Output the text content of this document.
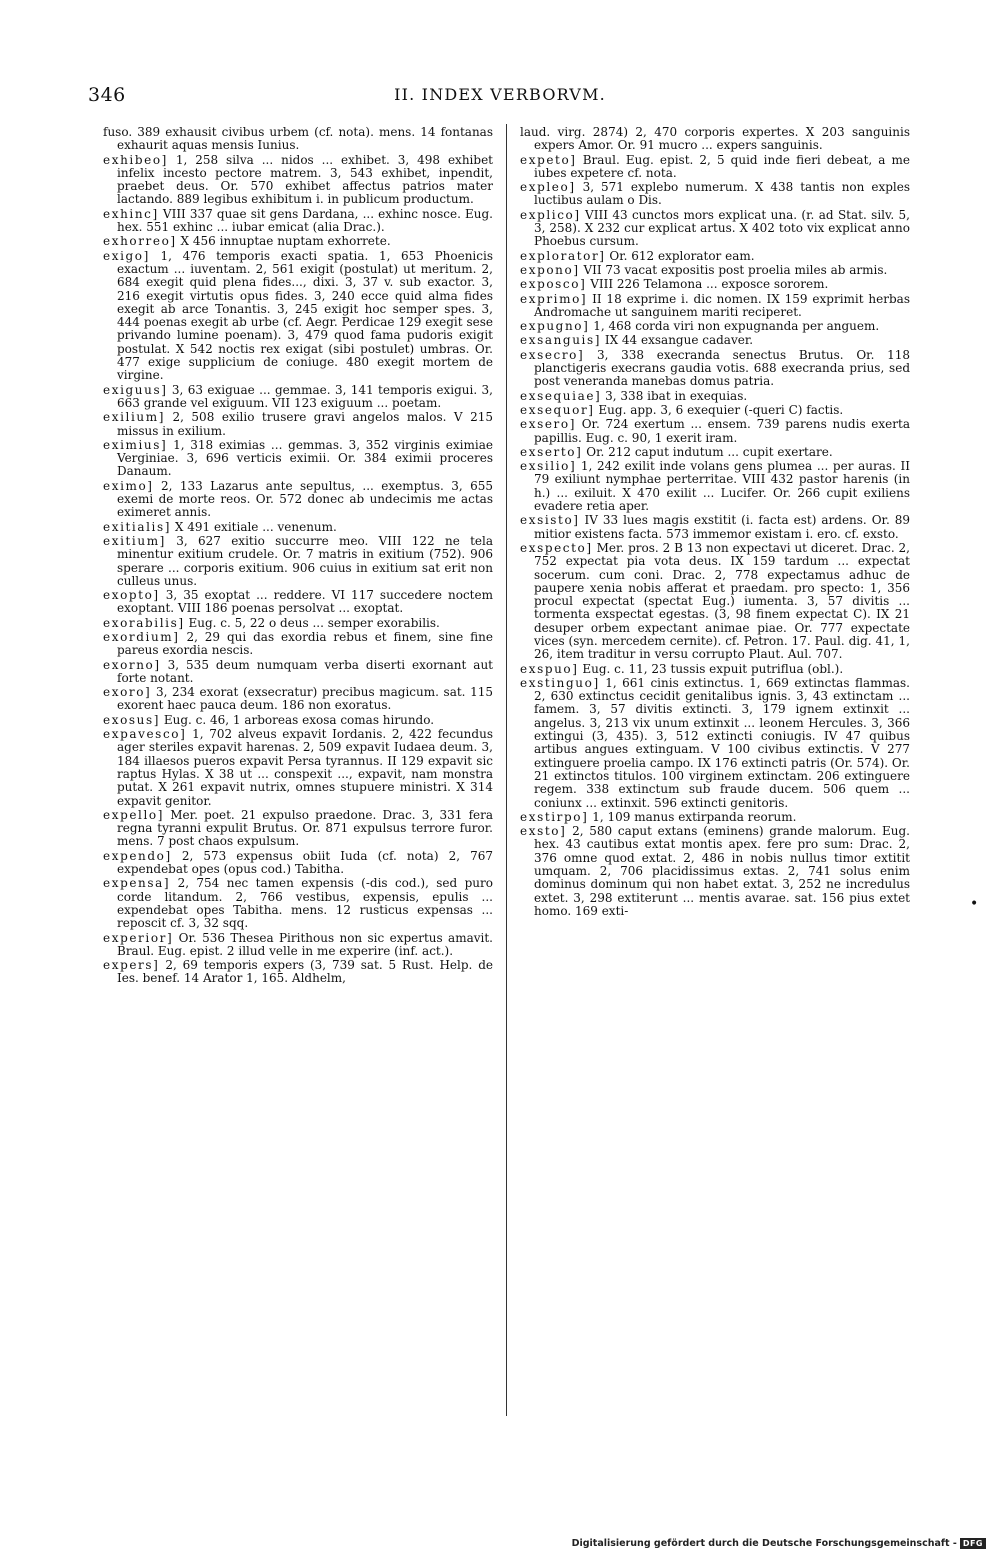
346	II. INDEX VERBORVM.
fuso. 389 exhausit civibus urbem (cf. nota). mens. 14 fontanas exhaurit aquas mensis Iunius.
exhibeo] 1, 258 silva ... nidos ... exhibet. 3, 498 exhibet infelix incesto pectore matrem. 3, 543 exhibet, inpendit, praebet deus. Or. 570 exhibet affectus patrios mater lactando. 889 legibus exhibitum i. in publicum productum.
exhinc] VIII 337 quae sit gens Dardana, ... exhinc nosce. Eug. hex. 551 exhinc ... iubar emicat (alia Drac.).
exhorreo] X 456 innuptae nuptam exhorrete.
exigo] 1, 476 temporis exacti spatia. 1, 653 Phoenicis exactum ... iuventam. 2, 561 exigit (postulat) ut meritum. 2, 684 exegit quid plena fides..., dixi. 3, 37 v. sub exactor. 3, 216 exegit virtutis opus fides. 3, 240 ecce quid alma fides exegit ab arce Tonantis. 3, 245 exigit hoc semper spes. 3, 444 poenas exegit ab urbe (cf. Aegr. Perdicae 129 exegit sese privando lumine poenam). 3, 479 quod fama pudoris exigit postulat. X 542 noctis rex exigat (sibi postulet) umbras. Or. 477 exige supplicium de coniuge. 480 exegit mortem de virgine.
exiguus] 3, 63 exiguae ... gemmae. 3, 141 temporis exigui. 3, 663 grande vel exiguum. VII 123 exiguum ... poetam.
exilium] 2, 508 exilio trusere gravi angelos malos. V 215 missus in exilium.
eximius] 1, 318 eximias ... gemmas. 3, 352 virginis eximiae Verginiae. 3, 696 verticis eximii. Or. 384 eximii proceres Danaum.
eximo] 2, 133 Lazarus ante sepultus, ... exemptus. 3, 655 exemi de morte reos. Or. 572 donec ab undecimis me actas eximeret annis.
exitialis] X 491 exitiale ... venenum.
exitium] 3, 627 exitio succurre meo. VIII 122 ne tela minentur exitium crudele. Or. 7 matris in exitium (752). 906 sperare ... corporis exitium. 906 cuius in exitium sat erit non culleus unus.
exopto] 3, 35 exoptat ... reddere. VI 117 succedere noctem exoptant. VIII 186 poenas persolvat ... exoptat.
exorabilis] Eug. c. 5, 22 o deus ... semper exorabilis.
exordium] 2, 29 qui das exordia rebus et finem, sine fine pareus exordia nescis.
exorno] 3, 535 deum numquam verba diserti exornant aut forte notant.
exoro] 3, 234 exorat (exsecratur) precibus magicum. sat. 115 exorent haec pauca deum. 186 non exoratus.
exosus] Eug. c. 46, 1 arboreas exosa comas hirundo.
expavesco] 1, 702 alveus expavit Iordanis. 2, 422 fecundus ager steriles expavit harenas. 2, 509 expavit Iudaea deum. 3, 184 illaesos pueros expavit Persa tyrannus. II 129 expavit sic raptus Hylas. X 38 ut ... conspexit ..., expavit, nam monstra putat. X 261 expavit nutrix, omnes stupuere ministri. X 314 expavit genitor.
expello] Mer. poet. 21 expulso praedone. Drac. 3, 331 fera regna tyranni expulit Brutus. Or. 871 expulsus terrore furor. mens. 7 post chaos expulsum.
expendo] 2, 573 expensus obiit Iuda (cf. nota) 2, 767 expendebat opes (opus cod.) Tabitha.
expensa] 2, 754 nec tamen expensis (-dis cod.), sed puro corde litandum. 2, 766 vestibus, expensis, epulis ... expendebat opes Tabitha. mens. 12 rusticus expensas ... reposcit cf. 3, 32 sqq.
experior] Or. 536 Thesea Pirithous non sic expertus amavit. Braul. Eug. epist. 2 illud velle in me experire (inf. act.).
expers] 2, 69 temporis expers (3, 739 sat. 5 Rust. Help. de Ies. benef. 14 Arator 1, 165. Aldhelm,
laud. virg. 2874) 2, 470 corporis expertes. X 203 sanguinis expers Amor. Or. 91 mucro ... expers sanguinis.
expeto] Braul. Eug. epist. 2, 5 quid inde fieri debeat, a me iubes expetere cf. nota.
expleo] 3, 571 explebo numerum. X 438 tantis non exples luctibus aulam o Dis.
explico] VIII 43 cunctos mors explicat una. (r. ad Stat. silv. 5, 3, 258). X 232 cur explicat artus. X 402 toto vix explicat anno Phoebus cursum.
explorator] Or. 612 explorator eam.
expono] VII 73 vacat expositis post proelia miles ab armis.
exposco] VIII 226 Telamona ... exposce sororem.
exprimo] II 18 exprime i. dic nomen. IX 159 exprimit herbas Andromache ut sanguinem mariti reciperet.
expugno] 1, 468 corda viri non expugnanda per anguem.
exsanguis] IX 44 exsangue cadaver.
exsecro] 3, 338 execranda senectus Brutus. Or. 118 planctigeris execrans gaudia votis. 688 execranda prius, sed post veneranda manebas domus patria.
exsequiae] 3, 338 ibat in exequias.
exsequor] Eug. app. 3, 6 exequier (-queri C) factis.
exsero] Or. 724 exertum ... ensem. 739 parens nudis exerta papillis. Eug. c. 90, 1 exerit iram.
exserto] Or. 212 caput indutum ... cupit exertare.
exsilio] 1, 242 exilit inde volans gens plumea ... per auras. II 79 exiliunt nymphae perterritae. VIII 432 pastor harenis (in h.) ... exiluit. X 470 exilit ... Lucifer. Or. 266 cupit exiliens evadere retia aper.
exsisto] IV 33 lues magis exstitit (i. facta est) ardens. Or. 89 mitior existens facta. 573 immemor existam i. ero. cf. exsto.
exspecto] Mer. pros. 2 B 13 non expectavi ut diceret. Drac. 2, 752 expectat pia vota deus. IX 159 tardum ... expectat socerum. cum coni. Drac. 2, 778 expectamus adhuc de paupere xenia nobis afferat et praedam. pro specto: 1, 356 procul expectat (spectat Eug.) iumenta. 3, 57 divitis ... tormenta exspectat egestas. (3, 98 finem expectat C). IX 21 desuper orbem expectant animae piae. Or. 777 expectate vices (syn. mercedem cernite). cf. Petron. 17. Paul. dig. 41, 1, 26, item traditur in versu corrupto Plaut. Aul. 707.
exspuo] Eug. c. 11, 23 tussis expuit putrifluа (obl.).
exstinguo] 1, 661 cinis extinctus. 1, 669 extinctas flammas. 2, 630 extinctus cecidit genitalibus ignis. 3, 43 extinctam ... famem. 3, 57 divitis extincti. 3, 179 ignem extinxit ... angelus. 3, 213 vix unum extinxit ... leonem Hercules. 3, 366 extingui (3, 435). 3, 512 extincti coniugis. IV 47 quibus artibus angues extinguam. V 100 civibus extinctis. V 277 extinguere proelia campo. IX 176 extincti patris (Or. 574). Or. 21 extinctos titulos. 100 virginem extinctam. 206 extinguere regem. 338 extinctum sub fraude ducem. 506 quem ... coniunx ... extinxit. 596 extincti genitoris.
exstirpo] 1, 109 manus extirpanda reorum.
exsto] 2, 580 caput extans (eminens) grande malorum. Eug. hex. 43 cautibus extat montis apex. fere pro sum: Drac. 2, 376 omne quod extat. 2, 486 in nobis nullus timor extitit umquam. 2, 706 placidissimus extas. 2, 741 solus enim dominus dominum qui non habet extat. 3, 252 ne incredulus extet. 3, 298 extiterunt ... mentis avarae. sat. 156 pius extet homo. 169 exti-	•
Digitalisierung gefördert durch die Deutsche Forschungsgemeinschaft - DFG
